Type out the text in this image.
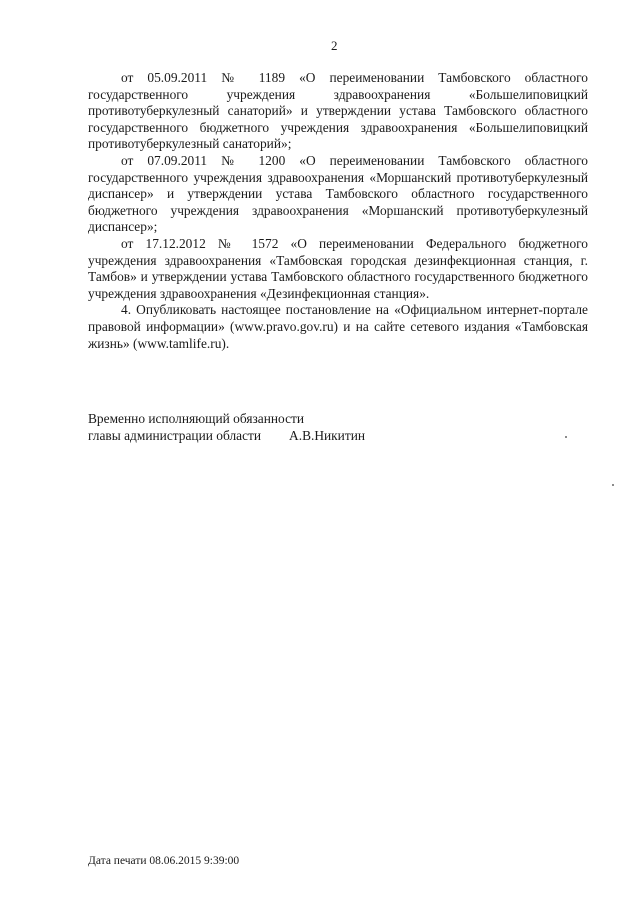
2

от 05.09.2011 № 1189 «О переименовании Тамбовского областного государственного учреждения здравоохранения «Большелиповицкий противотуберкулезный санаторий» и утверждении устава Тамбовского областного государственного бюджетного учреждения здравоохранения «Большелиповицкий противотуберкулезный санаторий»;

от 07.09.2011 № 1200 «О переименовании Тамбовского областного государственного учреждения здравоохранения «Моршанский противотуберкулезный диспансер» и утверждении устава Тамбовского областного государственного бюджетного учреждения здравоохранения «Моршанский противотуберкулезный диспансер»;

от 17.12.2012 № 1572 «О переименовании Федерального бюджетного учреждения здравоохранения «Тамбовская городская дезинфекционная станция, г. Тамбов» и утверждении устава Тамбовского областного государственного бюджетного учреждения здравоохранения «Дезинфекционная станция».

4. Опубликовать настоящее постановление на «Официальном интернет-портале правовой информации» (www.pravo.gov.ru) и на сайте сетевого издания «Тамбовская жизнь» (www.tamlife.ru).

Временно исполняющий обязанности
главы администрации области А.В.Никитин
Дата печати 08.06.2015 9:39:00
